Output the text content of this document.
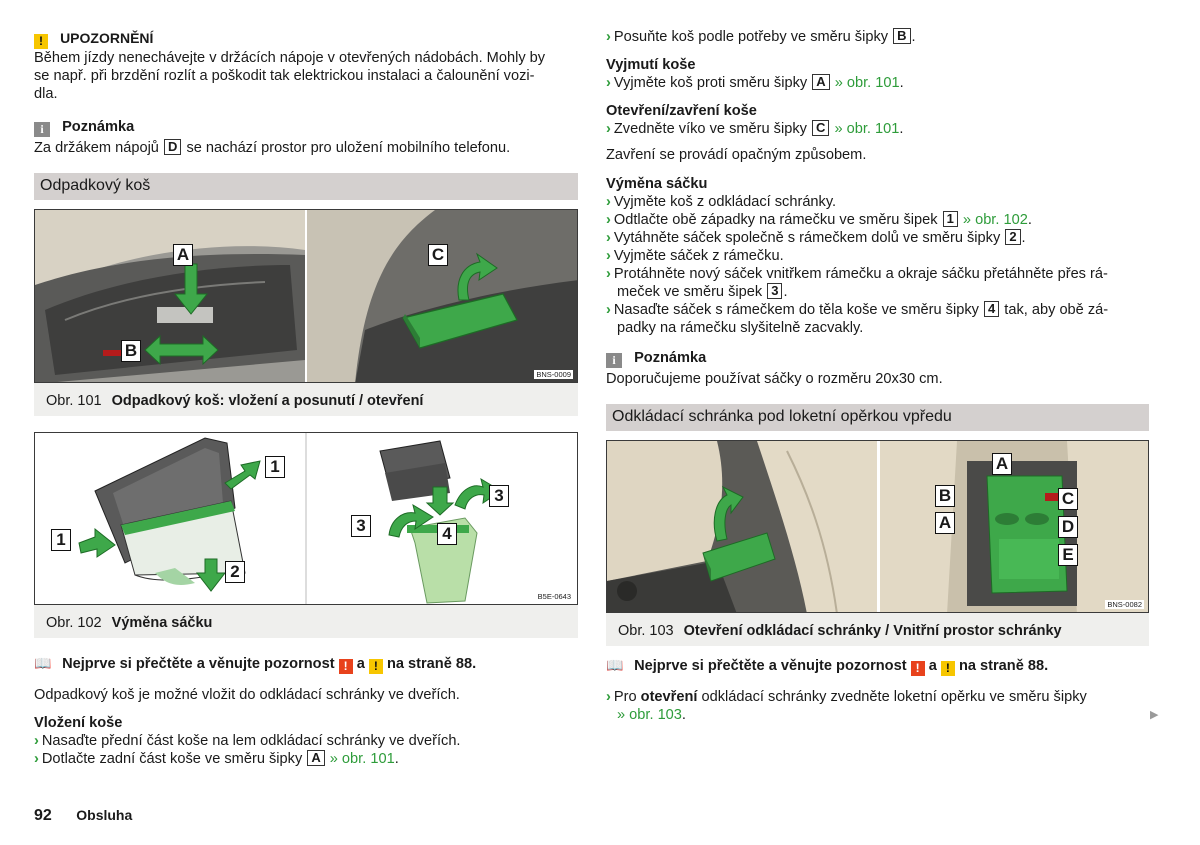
! UPOZORNĚNÍ
Během jízdy nenechávejte v držácích nápoje v otevřených nádobách. Mohly by
se např. při brzdění rozlít a poškodit tak elektrickou instalaci a čalounění vozi-
dla.
i Poznámka
Za držákem nápojů D se nachází prostor pro uložení mobilního telefonu.
Odpadkový koš
A
B
C
BNS-0009
Obr. 101 Odpadkový koš: vložení a posunutí / otevření
1
1
2
3
3	4
B5E-0643
Obr. 102 Výměna sáčku
📖 Nejprve si přečtěte a věnujte pozornost ! a ! na straně 88.
Odpadkový koš je možné vložit do odkládací schránky ve dveřích.
Vložení koše
› Nasaďte přední část koše na lem odkládací schránky ve dveřích.
› Dotlačte zadní část koše ve směru šipky A » obr. 101.
92 Obsluha
› Posuňte koš podle potřeby ve směru šipky B .
Vyjmutí koše
› Vyjměte koš proti směru šipky A » obr. 101.
Otevření/zavření koše
› Zvedněte víko ve směru šipky C » obr. 101.
Zavření se provádí opačným způsobem.
Výměna sáčku
› Vyjměte koš z odkládací schránky.
› Odtlačte obě západky na rámečku ve směru šipek 1 » obr. 102.
› Vytáhněte sáček společně s rámečkem dolů ve směru šipky 2 .
› Vyjměte sáček z rámečku.
› Protáhněte nový sáček vnitřkem rámečku a okraje sáčku přetáhněte přes rá-
meček ve směru šipek 3 .
› Nasaďte sáček s rámečkem do těla koše ve směru šipky 4 tak, aby obě zá-
padky na rámečku slyšitelně zacvakly.
i Poznámka
Doporučujeme používat sáčky o rozměru 20x30 cm.
Odkládací schránka pod loketní opěrkou vpředu
A
B	C
A	D
E
BNS-0082
Obr. 103 Otevření odkládací schránky / Vnitřní prostor schránky
📖 Nejprve si přečtěte a věnujte pozornost ! a ! na straně 88.
› Pro otevření odkládací schránky zvedněte loketní opěrku ve směru šipky
» obr. 103.	▶
